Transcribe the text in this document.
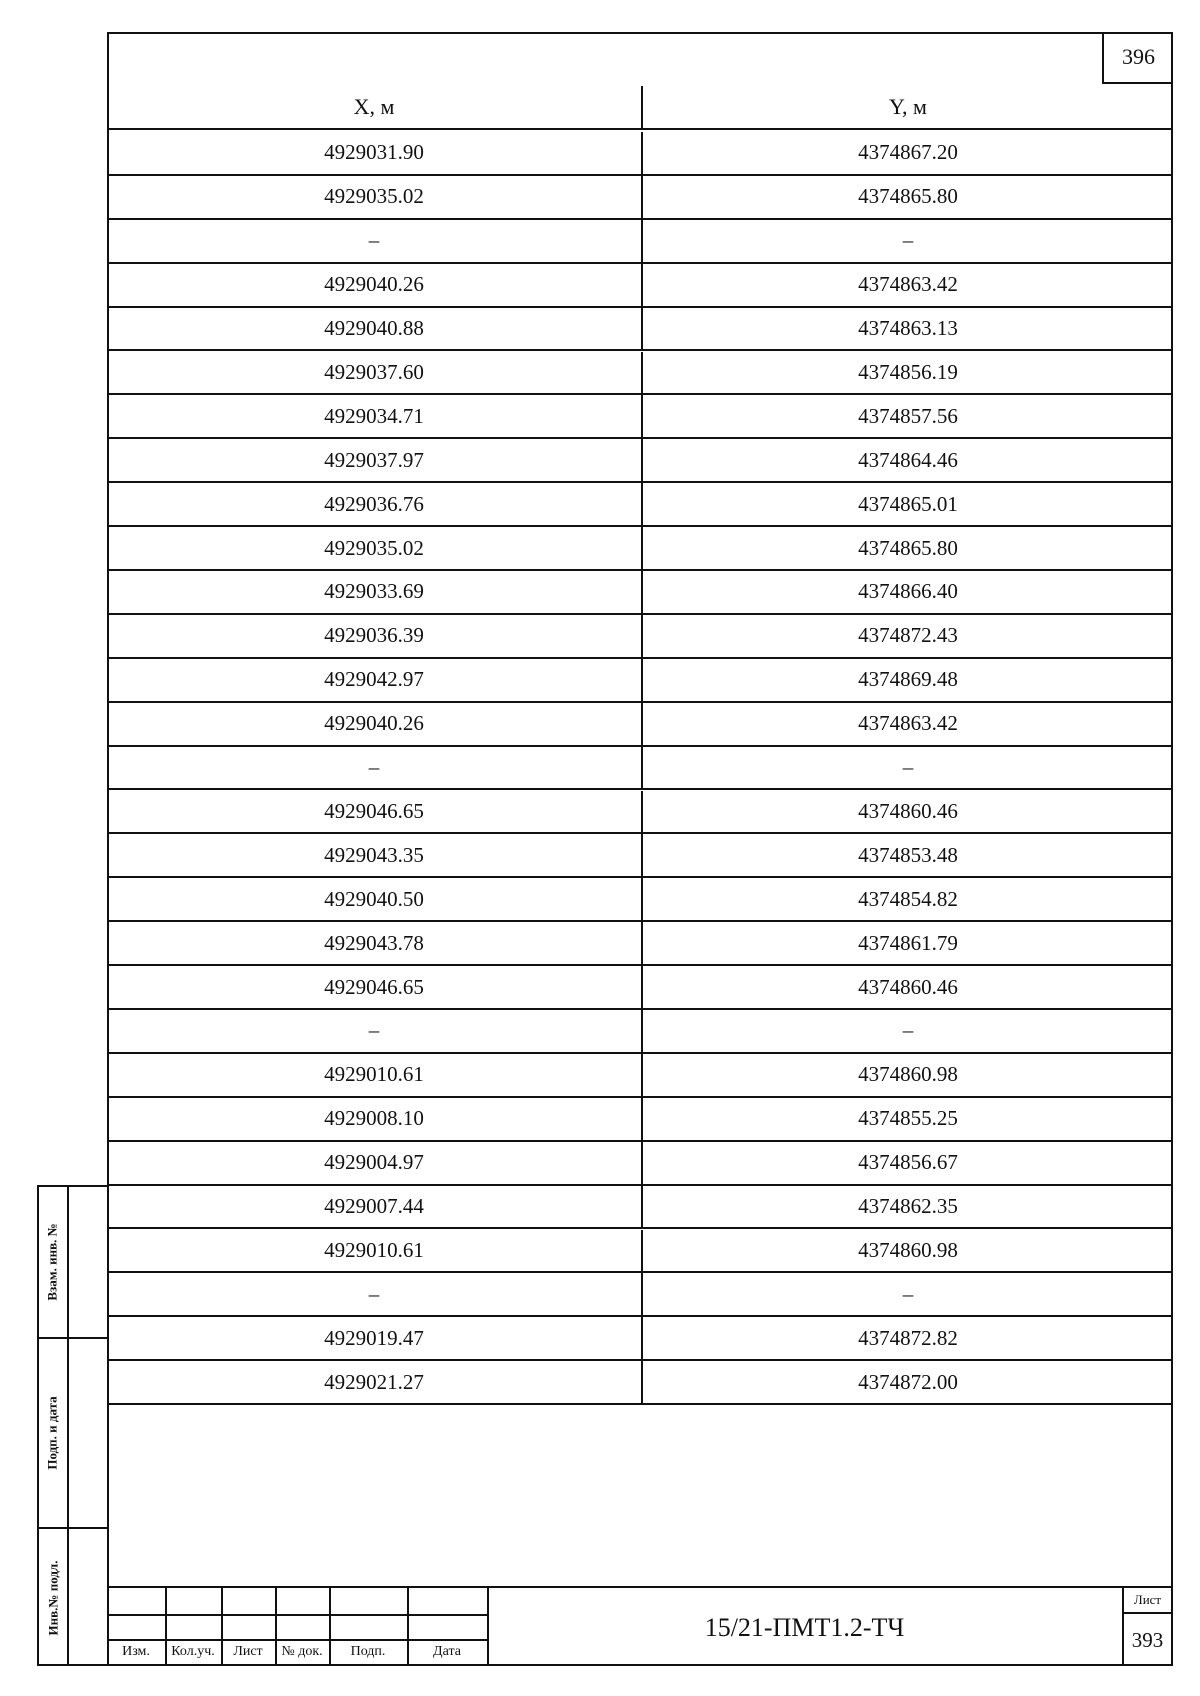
396
X, м	Y, м
4929031.90	4374867.20
4929035.02	4374865.80
–	–
4929040.26	4374863.42
4929040.88	4374863.13
4929037.60	4374856.19
4929034.71	4374857.56
4929037.97	4374864.46
4929036.76	4374865.01
4929035.02	4374865.80
4929033.69	4374866.40
4929036.39	4374872.43
4929042.97	4374869.48
4929040.26	4374863.42
–	–
4929046.65	4374860.46
4929043.35	4374853.48
4929040.50	4374854.82
4929043.78	4374861.79
4929046.65	4374860.46
–	–
4929010.61	4374860.98
4929008.10	4374855.25
4929004.97	4374856.67
4929007.44	4374862.35
4929010.61	4374860.98
–	–
4929019.47	4374872.82
4929021.27	4374872.00
Взам. инв. №
Подп. и дата
Инв.№ подл.
Изм.	Кол.уч.	Лист	№ док.	Подп.	Дата
15/21-ПМТ1.2-ТЧ
Лист
393
